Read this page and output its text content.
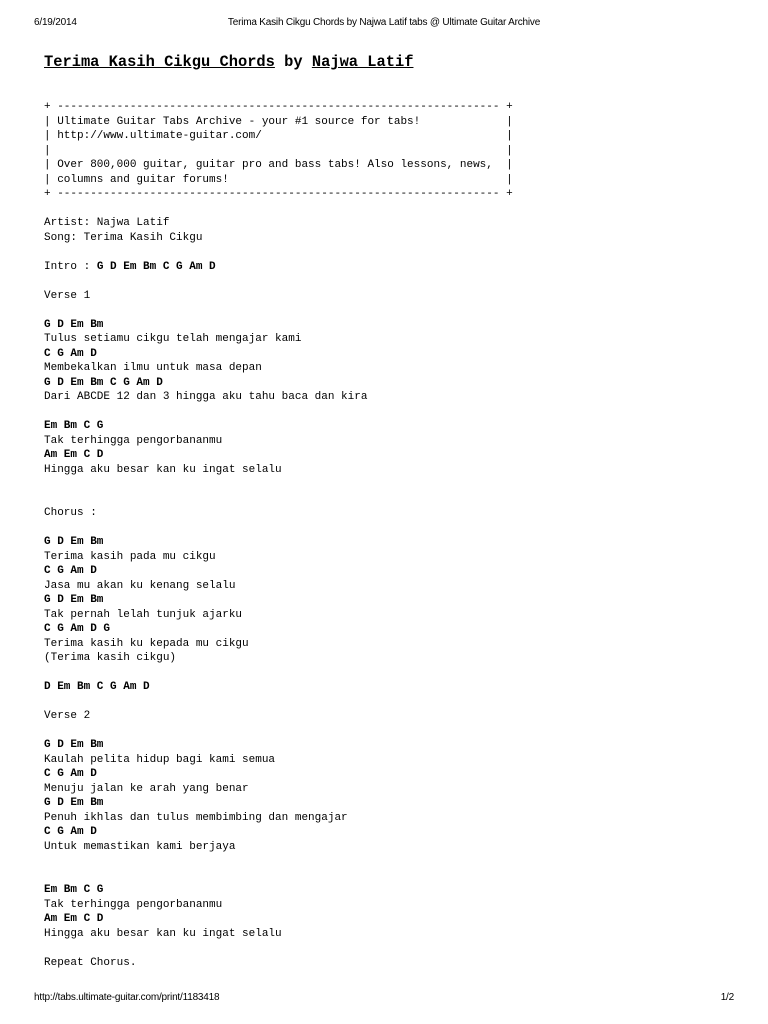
6/19/2014	Terima Kasih Cikgu Chords by Najwa Latif tabs @ Ultimate Guitar Archive
Terima Kasih Cikgu Chords by Najwa Latif
+ ------------------------------------------------------------------- +
| Ultimate Guitar Tabs Archive - your #1 source for tabs!             |
| http://www.ultimate-guitar.com/                                     |
|                                                                     |
| Over 800,000 guitar, guitar pro and bass tabs! Also lessons, news,  |
| columns and guitar forums!                                          |
+ ------------------------------------------------------------------- +
Artist: Najwa Latif
Song: Terima Kasih Cikgu
Intro : G D Em Bm C G Am D
Verse 1
G D Em Bm
Tulus setiamu cikgu telah mengajar kami
C G Am D
Membekalkan ilmu untuk masa depan
G D Em Bm C G Am D
Dari ABCDE 12 dan 3 hingga aku tahu baca dan kira
Em Bm C G
Tak terhingga pengorbananmu
Am Em C D
Hingga aku besar kan ku ingat selalu
Chorus :
G D Em Bm
Terima kasih pada mu cikgu
C G Am D
Jasa mu akan ku kenang selalu
G D Em Bm
Tak pernah lelah tunjuk ajarku
C G Am D G
Terima kasih ku kepada mu cikgu
(Terima kasih cikgu)
D Em Bm C G Am D
Verse 2
G D Em Bm
Kaulah pelita hidup bagi kami semua
C G Am D
Menuju jalan ke arah yang benar
G D Em Bm
Penuh ikhlas dan tulus membimbing dan mengajar
C G Am D
Untuk memastikan kami berjaya
Em Bm C G
Tak terhingga pengorbananmu
Am Em C D
Hingga aku besar kan ku ingat selalu
Repeat Chorus.
http://tabs.ultimate-guitar.com/print/1183418	1/2
